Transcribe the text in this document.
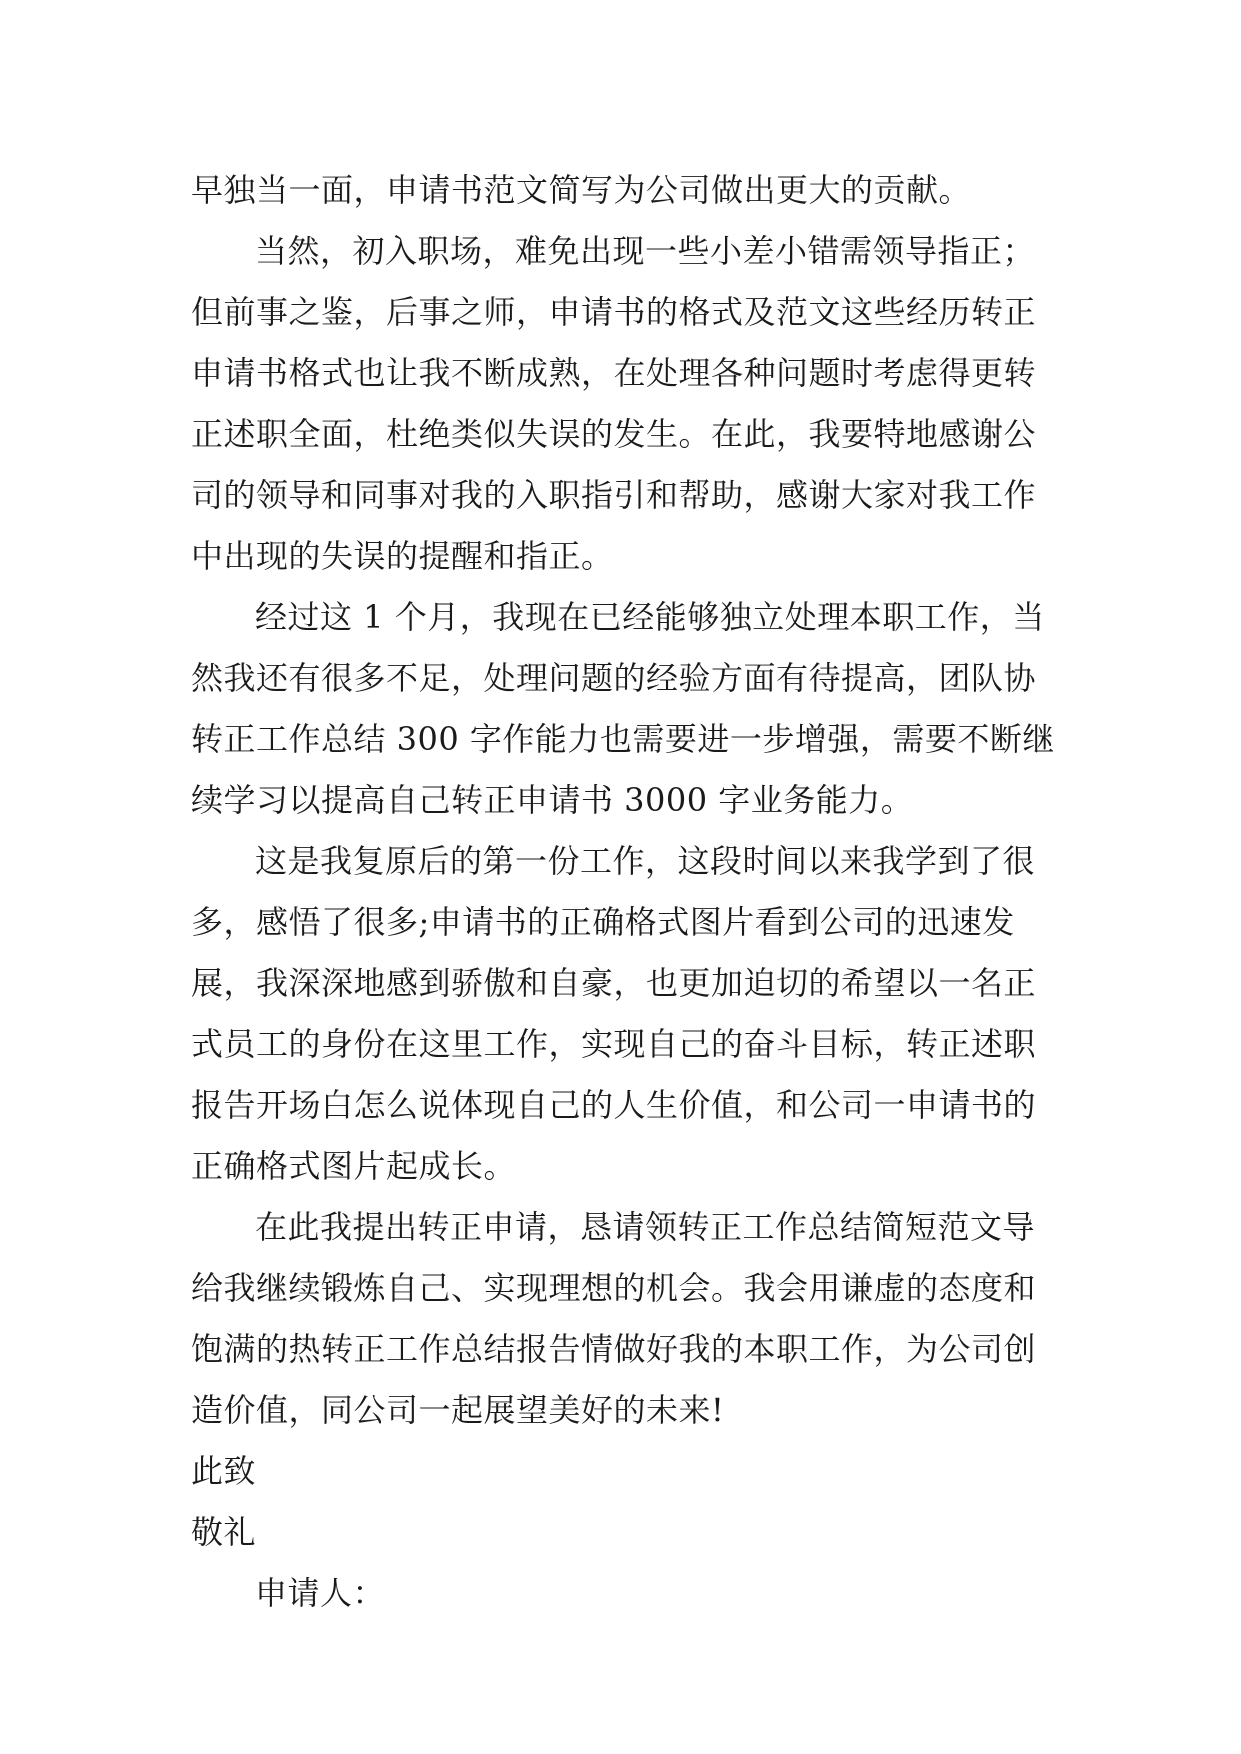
早独当一面，申请书范文简写为公司做出更大的贡献。
当然，初入职场，难免出现一些小差小错需领导指正；
但前事之鉴，后事之师，申请书的格式及范文这些经历转正
申请书格式也让我不断成熟，在处理各种问题时考虑得更转
正述职全面，杜绝类似失误的发生。在此，我要特地感谢公
司的领导和同事对我的入职指引和帮助，感谢大家对我工作
中出现的失误的提醒和指正。
经过这 1 个月，我现在已经能够独立处理本职工作，当
然我还有很多不足，处理问题的经验方面有待提高，团队协
转正工作总结 300 字作能力也需要进一步增强，需要不断继
续学习以提高自己转正申请书 3000 字业务能力。
这是我复原后的第一份工作，这段时间以来我学到了很
多，感悟了很多;申请书的正确格式图片看到公司的迅速发
展，我深深地感到骄傲和自豪，也更加迫切的希望以一名正
式员工的身份在这里工作，实现自己的奋斗目标，转正述职
报告开场白怎么说体现自己的人生价值，和公司一申请书的
正确格式图片起成长。
在此我提出转正申请，恳请领转正工作总结简短范文导
给我继续锻炼自己、实现理想的机会。我会用谦虚的态度和
饱满的热转正工作总结报告情做好我的本职工作，为公司创
造价值，同公司一起展望美好的未来!
此致
敬礼
申请人：
